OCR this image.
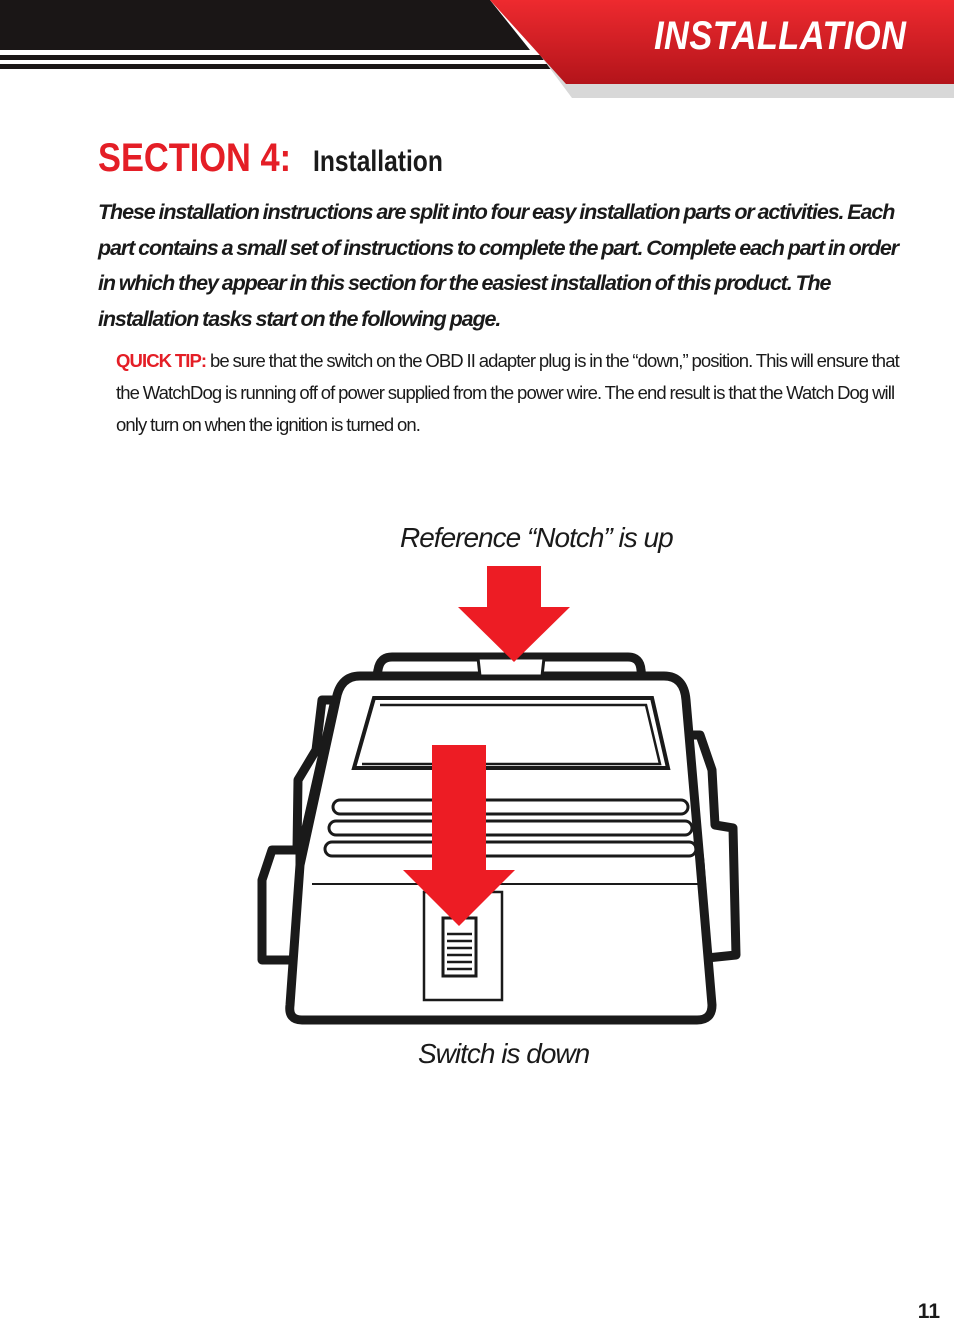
INSTALLATION
SECTION 4: Installation

These installation instructions are split into four easy installation parts or activities. Each part contains a small set of instructions to complete the part. Complete each part in order in which they appear in this section for the easiest installation of this product. The installation tasks start on the following page.

QUICK TIP: be sure that the switch on the OBD II adapter plug is in the “down,” position. This will ensure that the WatchDog is running off of power supplied from the power wire. The end result is that the Watch Dog will only turn on when the ignition is turned on.

Reference “Notch” is up
Switch is down
11
